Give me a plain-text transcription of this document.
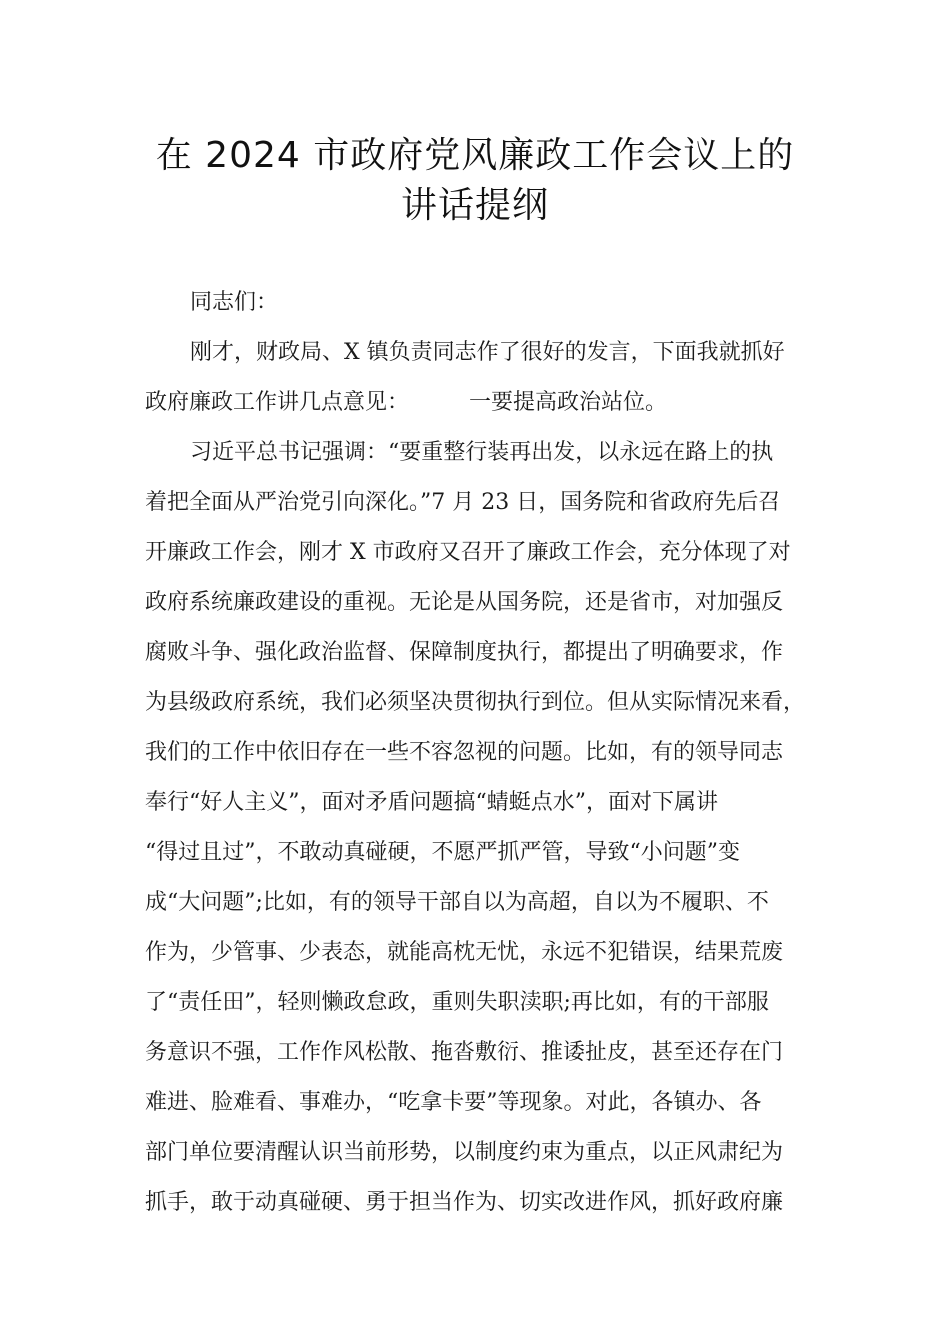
在 2024 市政府党风廉政工作会议上的
讲话提纲
同志们：
刚才，财政局、X 镇负责同志作了很好的发言，下面我就抓好
政府廉政工作讲几点意见：	一要提高政治站位。
习近平总书记强调：“要重整行装再出发，以永远在路上的执
着把全面从严治党引向深化。”7 月 23 日，国务院和省政府先后召
开廉政工作会，刚才 X 市政府又召开了廉政工作会，充分体现了对
政府系统廉政建设的重视。无论是从国务院，还是省市，对加强反
腐败斗争、强化政治监督、保障制度执行，都提出了明确要求，作
为县级政府系统，我们必须坚决贯彻执行到位。但从实际情况来看，
我们的工作中依旧存在一些不容忽视的问题。比如，有的领导同志
奉行“好人主义”，面对矛盾问题搞“蜻蜓点水”，面对下属讲
“得过且过”，不敢动真碰硬，不愿严抓严管，导致“小问题”变
成“大问题”;比如，有的领导干部自以为高超，自以为不履职、不
作为，少管事、少表态，就能高枕无忧，永远不犯错误，结果荒废
了“责任田”，轻则懒政怠政，重则失职渎职;再比如，有的干部服
务意识不强，工作作风松散、拖沓敷衍、推诿扯皮，甚至还存在门
难进、脸难看、事难办，“吃拿卡要”等现象。对此，各镇办、各
部门单位要清醒认识当前形势，以制度约束为重点，以正风肃纪为
抓手，敢于动真碰硬、勇于担当作为、切实改进作风，抓好政府廉
